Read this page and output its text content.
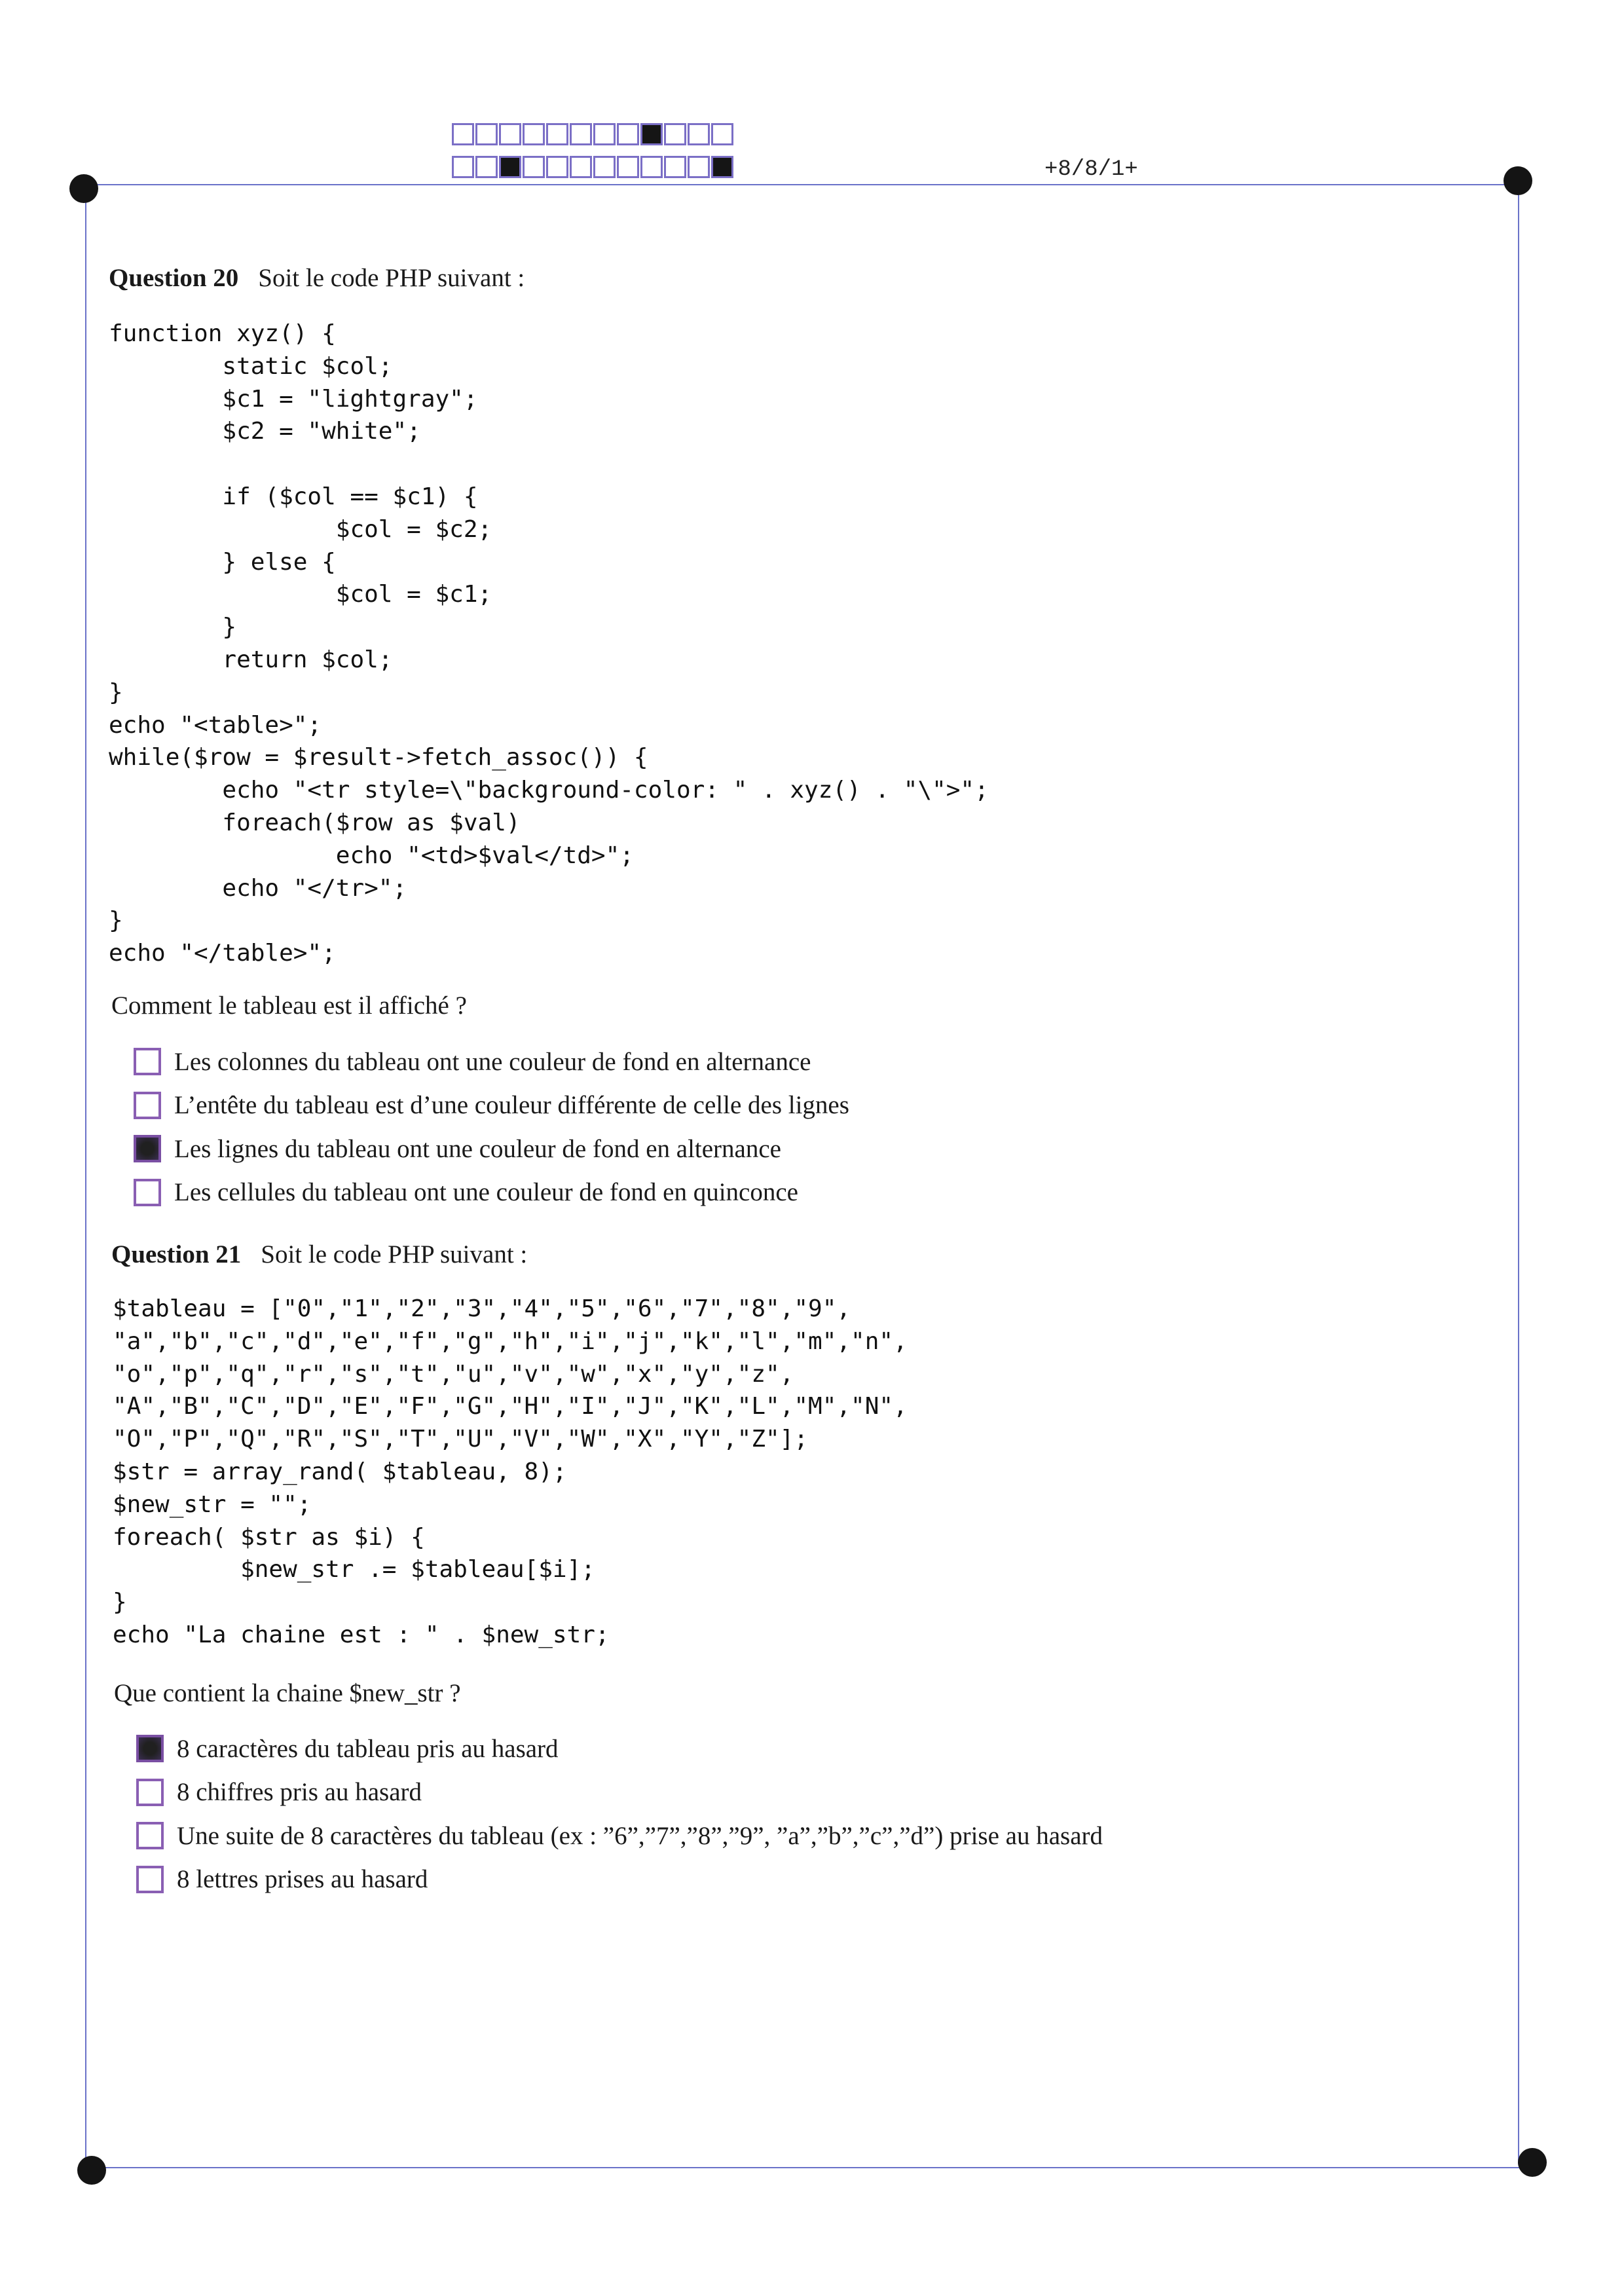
+8/8/1+
Question 20 Soit le code PHP suivant :
function xyz() {
static $col;
$c1 = "lightgray";
$c2 = "white";

if ($col == $c1) {
$col = $c2;
} else {
$col = $c1;
}
return $col;
}
echo "<table>";
while($row = $result->fetch_assoc()) {
echo "<tr style=\"background-color: " . xyz() . "\">";
foreach($row as $val)
echo "<td>$val</td>";
echo "</tr>";
}
echo "</table>";
Comment le tableau est il affiché ?
Les colonnes du tableau ont une couleur de fond en alternance
L’entête du tableau est d’une couleur différente de celle des lignes
Les lignes du tableau ont une couleur de fond en alternance
Les cellules du tableau ont une couleur de fond en quinconce
Question 21 Soit le code PHP suivant :
$tableau = ["0","1","2","3","4","5","6","7","8","9",
"a","b","c","d","e","f","g","h","i","j","k","l","m","n",
"o","p","q","r","s","t","u","v","w","x","y","z",
"A","B","C","D","E","F","G","H","I","J","K","L","M","N",
"O","P","Q","R","S","T","U","V","W","X","Y","Z"];
$str = array_rand( $tableau, 8);
$new_str = "";
foreach( $str as $i) {
$new_str .= $tableau[$i];
}
echo "La chaine est : " . $new_str;
Que contient la chaine $new_str ?
8 caractères du tableau pris au hasard
8 chiffres pris au hasard
Une suite de 8 caractères du tableau (ex : ”6”,”7”,”8”,”9”, ”a”,”b”,”c”,”d”) prise au hasard
8 lettres prises au hasard
